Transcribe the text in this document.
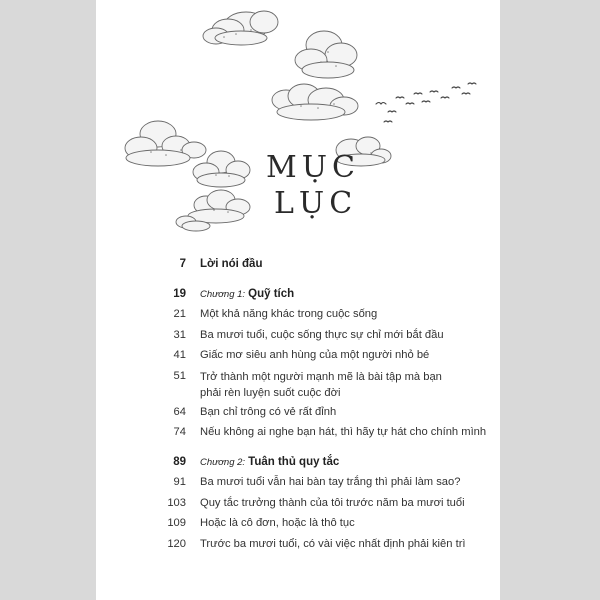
MỤC
LỤC
7 Lời nói đầu
19 Chương 1: Quỹ tích
21 Một khả năng khác trong cuộc sống
31 Ba mươi tuổi, cuộc sống thực sự chỉ mới bắt đầu
41 Giấc mơ siêu anh hùng của một người nhỏ bé
51 Trở thành một người mạnh mẽ là bài tập mà bạn
phải rèn luyện suốt cuộc đời
64 Bạn chỉ trông có vẻ rất đỉnh
74 Nếu không ai nghe bạn hát, thì hãy tự hát cho chính mình
89 Chương 2: Tuân thủ quy tắc
91 Ba mươi tuổi vẫn hai bàn tay trắng thì phải làm sao?
103 Quy tắc trưởng thành của tôi trước năm ba mươi tuổi
109 Hoặc là cô đơn, hoặc là thô tục
120 Trước ba mươi tuổi, có vài việc nhất định phải kiên trì
